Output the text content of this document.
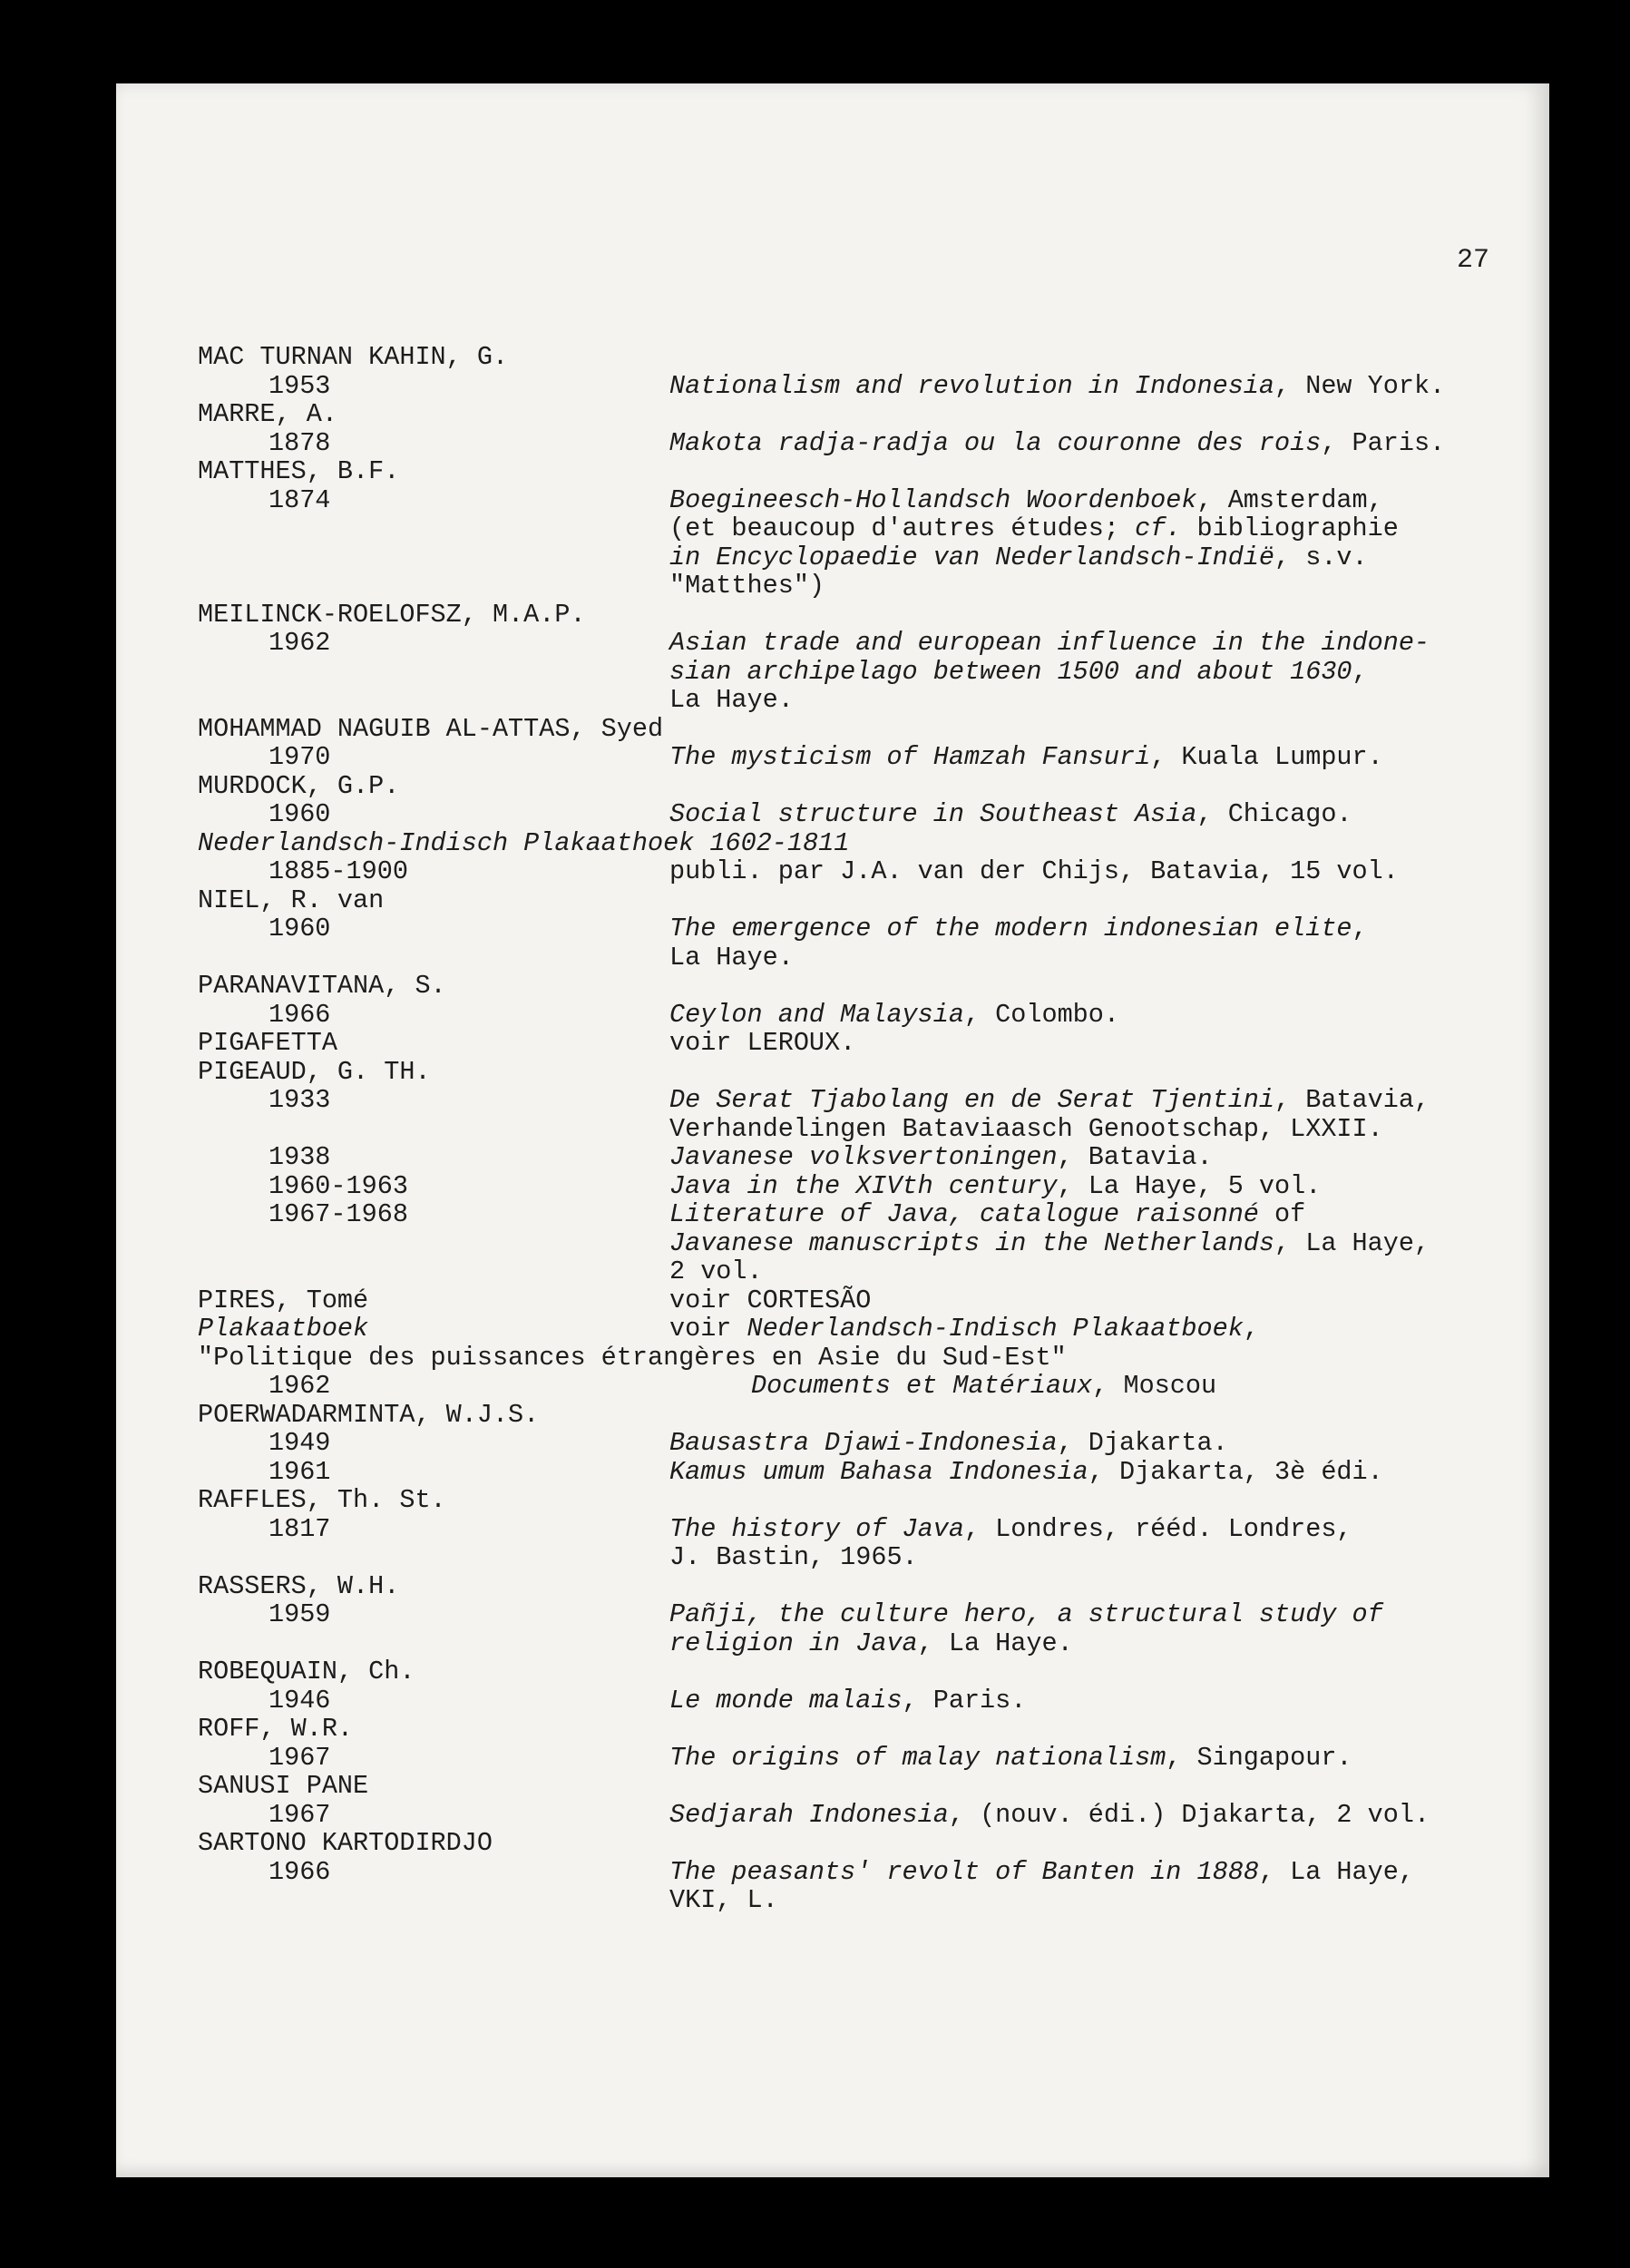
27
MAC TURNAN KAHIN, G.
1953	Nationalism and revolution in Indonesia, New York.
MARRE, A.
1878	Makota radja-radja ou la couronne des rois, Paris.
MATTHES, B.F.
1874	Boegineesch-Hollandsch Woordenboek, Amsterdam,
(et beaucoup d'autres études; cf. bibliographie
in Encyclopaedie van Nederlandsch-Indië, s.v.
"Matthes")
MEILINCK-ROELOFSZ, M.A.P.
1962	Asian trade and european influence in the indone-
sian archipelago between 1500 and about 1630,
La Haye.
MOHAMMAD NAGUIB AL-ATTAS, Syed
1970	The mysticism of Hamzah Fansuri, Kuala Lumpur.
MURDOCK, G.P.
1960	Social structure in Southeast Asia, Chicago.
Nederlandsch-Indisch Plakaathoek 1602-1811
1885-1900	publi. par J.A. van der Chijs, Batavia, 15 vol.
NIEL, R. van
1960	The emergence of the modern indonesian elite,
La Haye.
PARANAVITANA, S.
1966	Ceylon and Malaysia, Colombo.
PIGAFETTA	voir LEROUX.
PIGEAUD, G. TH.
1933	De Serat Tjabolang en de Serat Tjentini, Batavia,
Verhandelingen Bataviaasch Genootschap, LXXII.
1938	Javanese volksvertoningen, Batavia.
1960-1963	Java in the XIVth century, La Haye, 5 vol.
1967-1968	Literature of Java, catalogue raisonné of
Javanese manuscripts in the Netherlands, La Haye,
2 vol.
PIRES, Tomé	voir CORTESÃO
Plakaatboek	voir Nederlandsch-Indisch Plakaatboek,
"Politique des puissances étrangères en Asie du Sud-Est"
1962	Documents et Matériaux, Moscou
POERWADARMINTA, W.J.S.
1949	Bausastra Djawi-Indonesia, Djakarta.
1961	Kamus umum Bahasa Indonesia, Djakarta, 3è édi.
RAFFLES, Th. St.
1817	The history of Java, Londres, rééd. Londres,
J. Bastin, 1965.
RASSERS, W.H.
1959	Pañji, the culture hero, a structural study of
religion in Java, La Haye.
ROBEQUAIN, Ch.
1946	Le monde malais, Paris.
ROFF, W.R.
1967	The origins of malay nationalism, Singapour.
SANUSI PANE
1967	Sedjarah Indonesia, (nouv. édi.) Djakarta, 2 vol.
SARTONO KARTODIRDJO
1966	The peasants' revolt of Banten in 1888, La Haye,
VKI, L.
